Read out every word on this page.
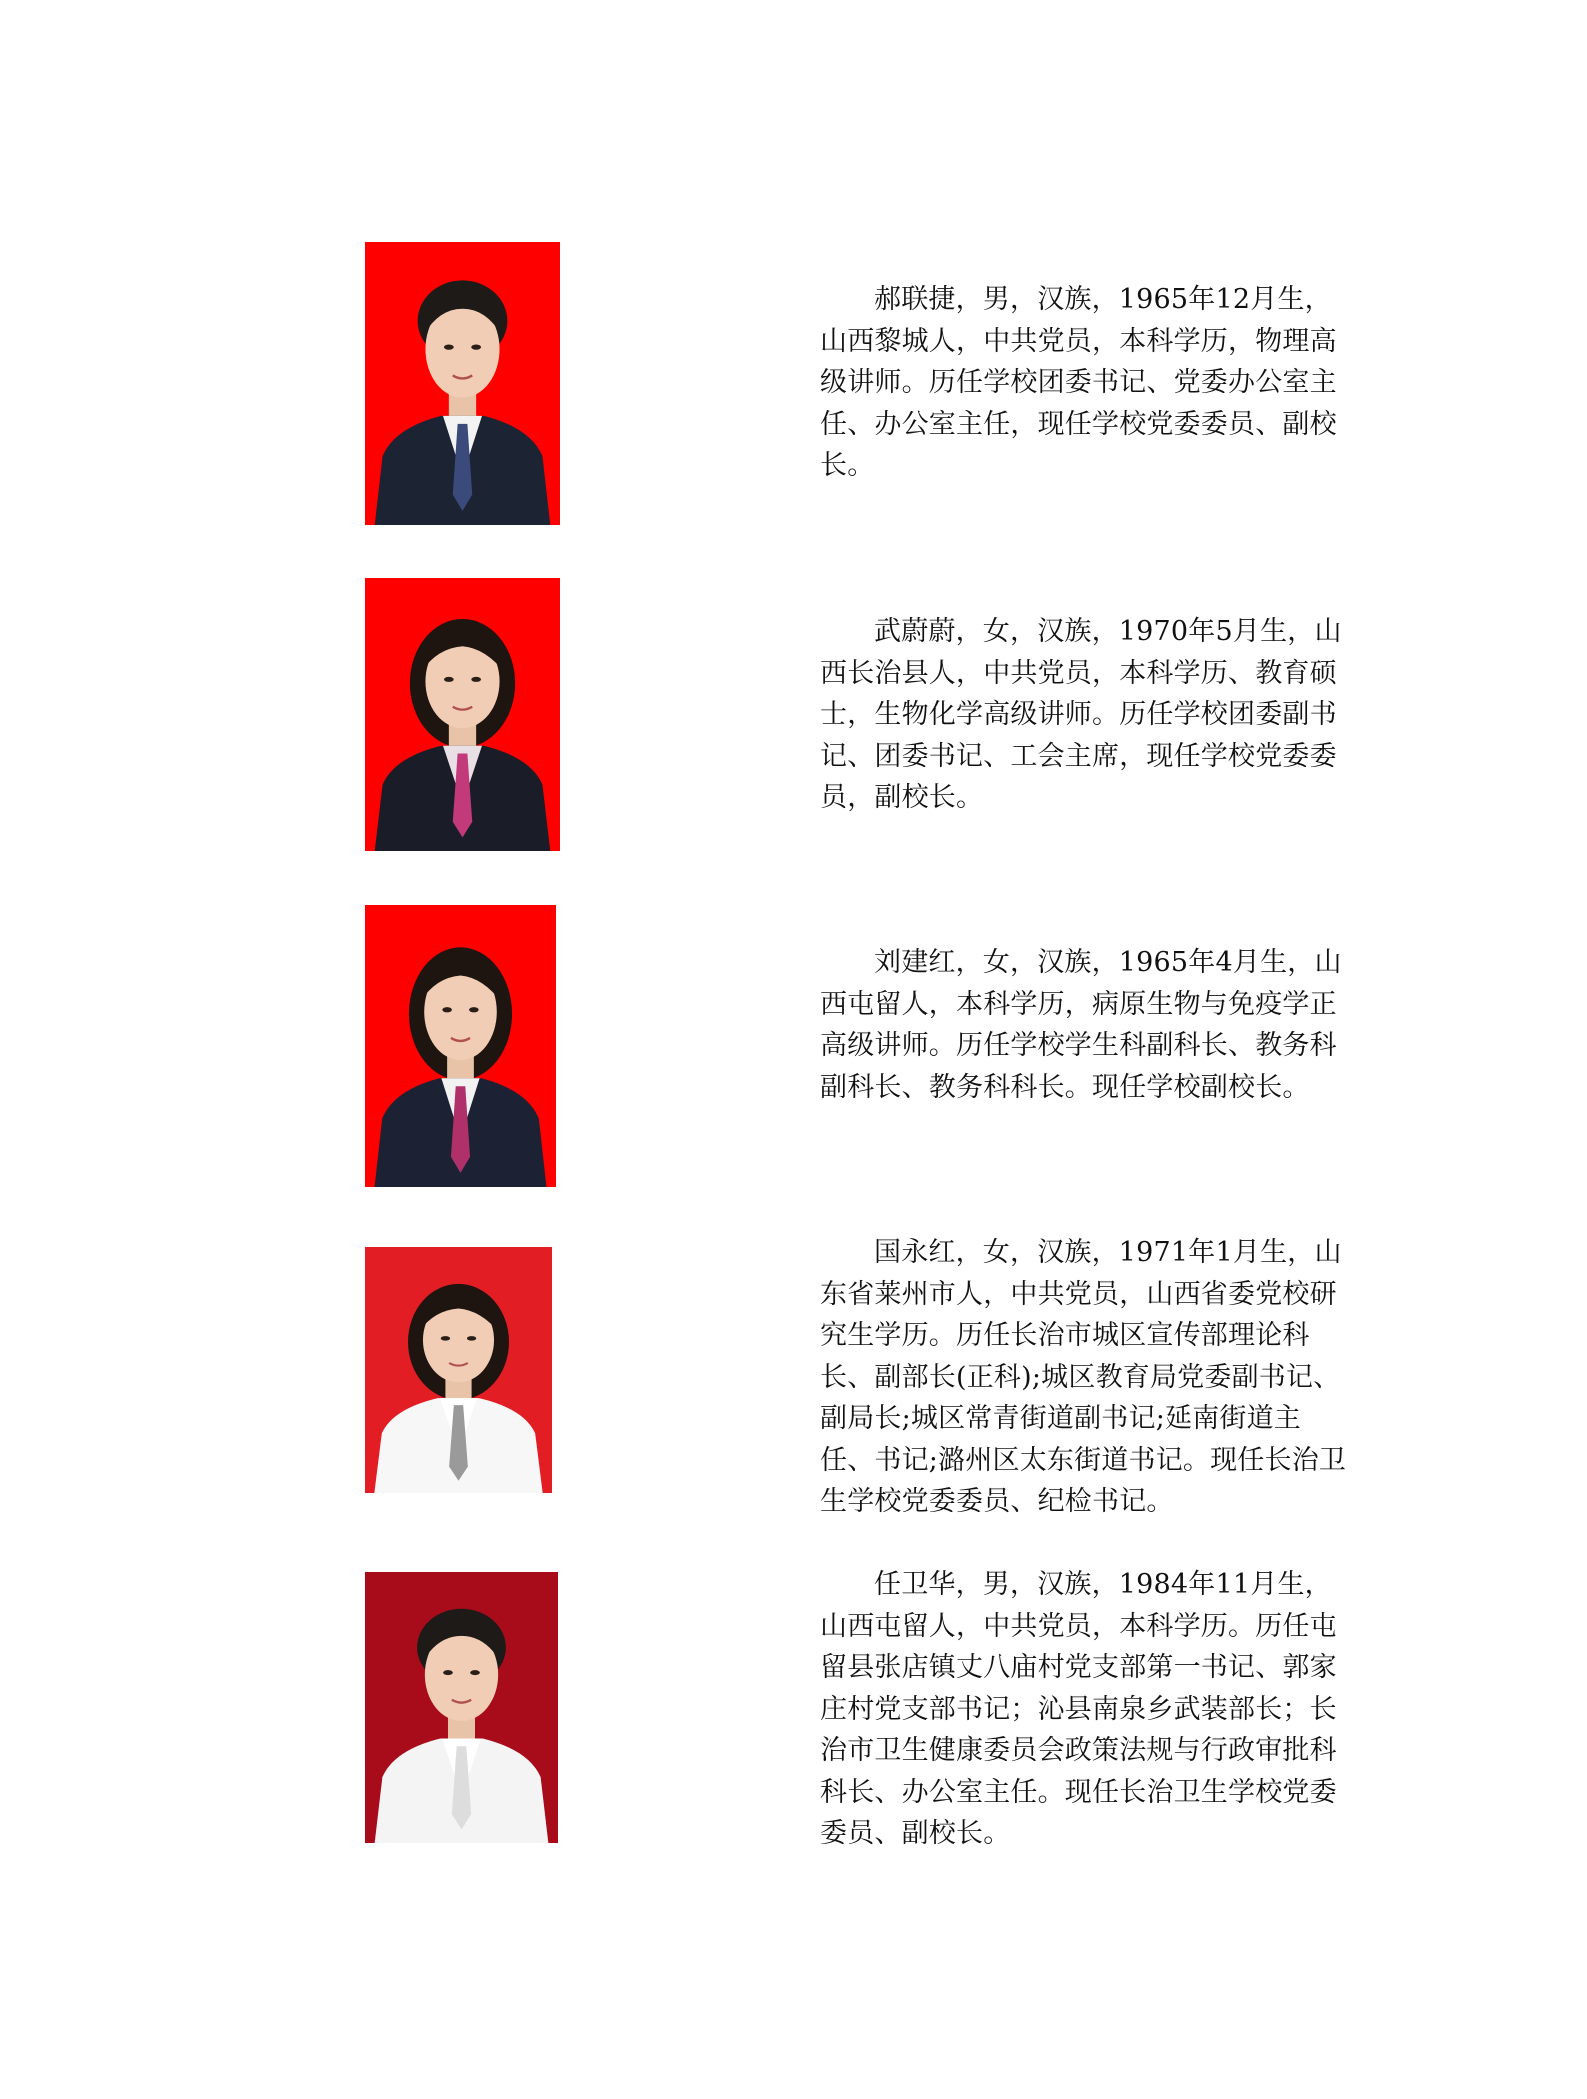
郝联捷，男，汉族，1965年12月生，山西黎城人，中共党员，本科学历，物理高级讲师。历任学校团委书记、党委办公室主任、办公室主任，现任学校党委委员、副校长。

武蔚蔚，女，汉族，1970年5月生，山西长治县人，中共党员，本科学历、教育硕士，生物化学高级讲师。历任学校团委副书记、团委书记、工会主席，现任学校党委委员，副校长。

刘建红，女，汉族，1965年4月生，山西屯留人，本科学历，病原生物与免疫学正高级讲师。历任学校学生科副科长、教务科副科长、教务科科长。现任学校副校长。

国永红，女，汉族，1971年1月生，山东省莱州市人，中共党员，山西省委党校研究生学历。历任长治市城区宣传部理论科长、副部长(正科);城区教育局党委副书记、副局长;城区常青街道副书记;延南街道主任、书记;潞州区太东街道书记。现任长治卫生学校党委委员、纪检书记。

任卫华，男，汉族，1984年11月生，山西屯留人，中共党员，本科学历。历任屯留县张店镇丈八庙村党支部第一书记、郭家庄村党支部书记；沁县南泉乡武装部长；长治市卫生健康委员会政策法规与行政审批科科长、办公室主任。现任长治卫生学校党委委员、副校长。
